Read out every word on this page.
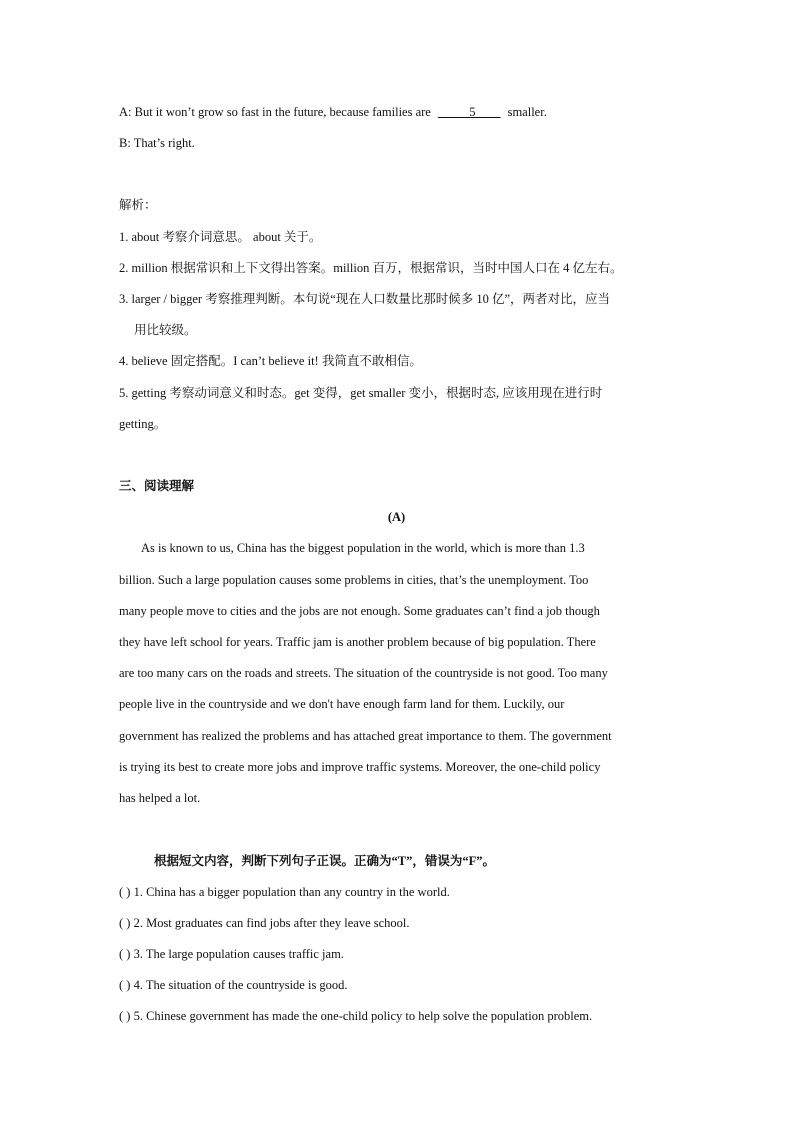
A: But it won’t grow so fast in the future, because families are _____5____ smaller.
B: That’s right.
解析：
1. about 考察介词意思。 about 关于。
2. million 根据常识和上下文得出答案。million 百万，根据常识，当时中国人口在 4 亿左右。
3. larger / bigger 考察推理判断。本句说“现在人口数量比那时候多 10 亿”，两者对比，应当
用比较级。
4. believe 固定搭配。I can’t believe it! 我简直不敢相信。
5. getting 考察动词意义和时态。get 变得，get smaller 变小，根据时态, 应该用现在进行时
getting。
三、阅读理解
(A)
As is known to us, China has the biggest population in the world, which is more than 1.3
billion. Such a large population causes some problems in cities, that’s the unemployment. Too
many people move to cities and the jobs are not enough. Some graduates can’t find a job though
they have left school for years. Traffic jam is another problem because of big population. There
are too many cars on the roads and streets. The situation of the countryside is not good. Too many
people live in the countryside and we don't have enough farm land for them. Luckily, our
government has realized the problems and has attached great importance to them. The government
is trying its best to create more jobs and improve traffic systems. Moreover, the one-child policy
has helped a lot.
根据短文内容，判断下列句子正误。正确为“T”，错误为“F”。
( ) 1. China has a bigger population than any country in the world.
( ) 2. Most graduates can find jobs after they leave school.
( ) 3. The large population causes traffic jam.
( ) 4. The situation of the countryside is good.
( ) 5. Chinese government has made the one-child policy to help solve the population problem.
